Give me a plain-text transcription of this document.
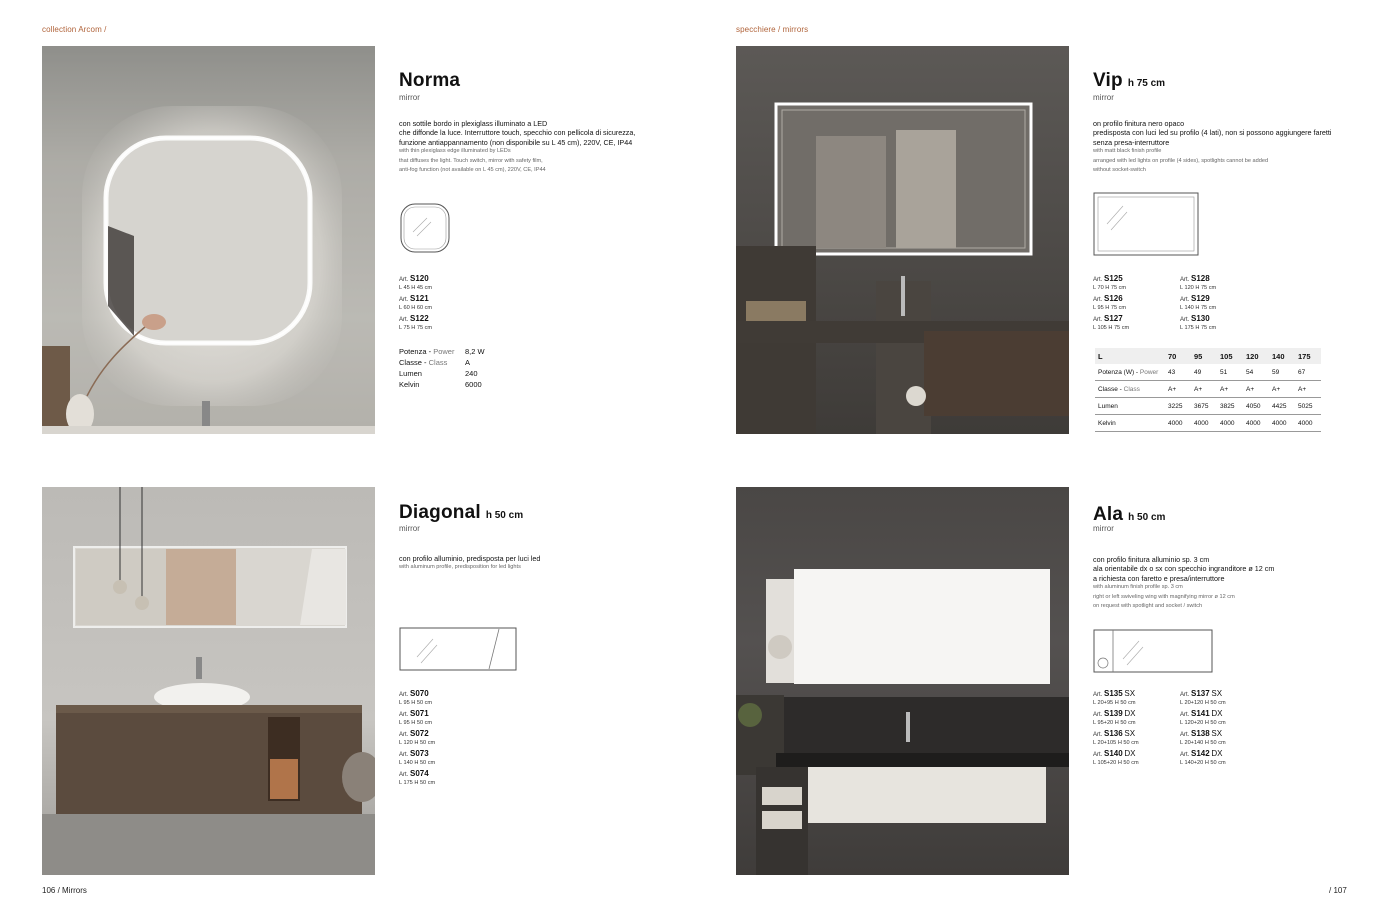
collection Arcom /	specchiere / mirrors
106 / Mirrors	/ 107
Norma
mirror
con sottile bordo in plexiglass illuminato a LED
che diffonde la luce. Interruttore touch, specchio con pellicola di sicurezza,
funzione antiappannamento (non disponibile su L 45 cm), 220V, CE, IP44
with thin plexiglass edge illuminated by LEDs
that diffuses the light. Touch switch, mirror with safety film,
anti-fog function (not available on L 45 cm), 220V, CE, IP44
Art. S120
L 45 H 45 cm
Art. S121
L 60 H 60 cm
Art. S122
L 75 H 75 cm
Potenza - Power	8,2 W
Classe - Class	A
Lumen	240
Kelvin	6000
Vip h 75 cm
mirror
on profilo finitura nero opaco
predisposta con luci led su profilo (4 lati), non si possono aggiungere faretti
senza presa-interruttore
with matt black finish profile
arranged with led lights on profile (4 sides), spotlights cannot be added
without socket-switch
Art. S125
L 70 H 75 cm
Art. S126
L 95 H 75 cm
Art. S127
L 105 H 75 cm
Art. S128
L 120 H 75 cm
Art. S129
L 140 H 75 cm
Art. S130
L 175 H 75 cm
L	70	95	105	120	140	175
Potenza (W) - Power	43	49	51	54	59	67
Classe - Class	A+	A+	A+	A+	A+	A+
Lumen	3225	3675	3825	4050	4425	5025
Kelvin	4000	4000	4000	4000	4000	4000
Diagonal h 50 cm
mirror
con profilo alluminio, predisposta per luci led
with aluminum profile, predisposition for led lights
Art. S070
L 95 H 50 cm
Art. S071
L 95 H 50 cm
Art. S072
L 120 H 50 cm
Art. S073
L 140 H 50 cm
Art. S074
L 175 H 50 cm
Ala h 50 cm
mirror
con profilo finitura alluminio sp. 3 cm
ala orientabile dx o sx con specchio ingranditore ø 12 cm
a richiesta con faretto e presa/interruttore
with aluminum finish profile sp. 3 cm
right or left swiveling wing with magnifying mirror ø 12 cm
on request with spotlight and socket / switch
Art. S135 SX
L 20+95 H 50 cm
Art. S139 DX
L 95+20 H 50 cm
Art. S136 SX
L 20+105 H 50 cm
Art. S140 DX
L 105+20 H 50 cm
Art. S137 SX
L 20+120 H 50 cm
Art. S141 DX
L 120+20 H 50 cm
Art. S138 SX
L 20+140 H 50 cm
Art. S142 DX
L 140+20 H 50 cm
